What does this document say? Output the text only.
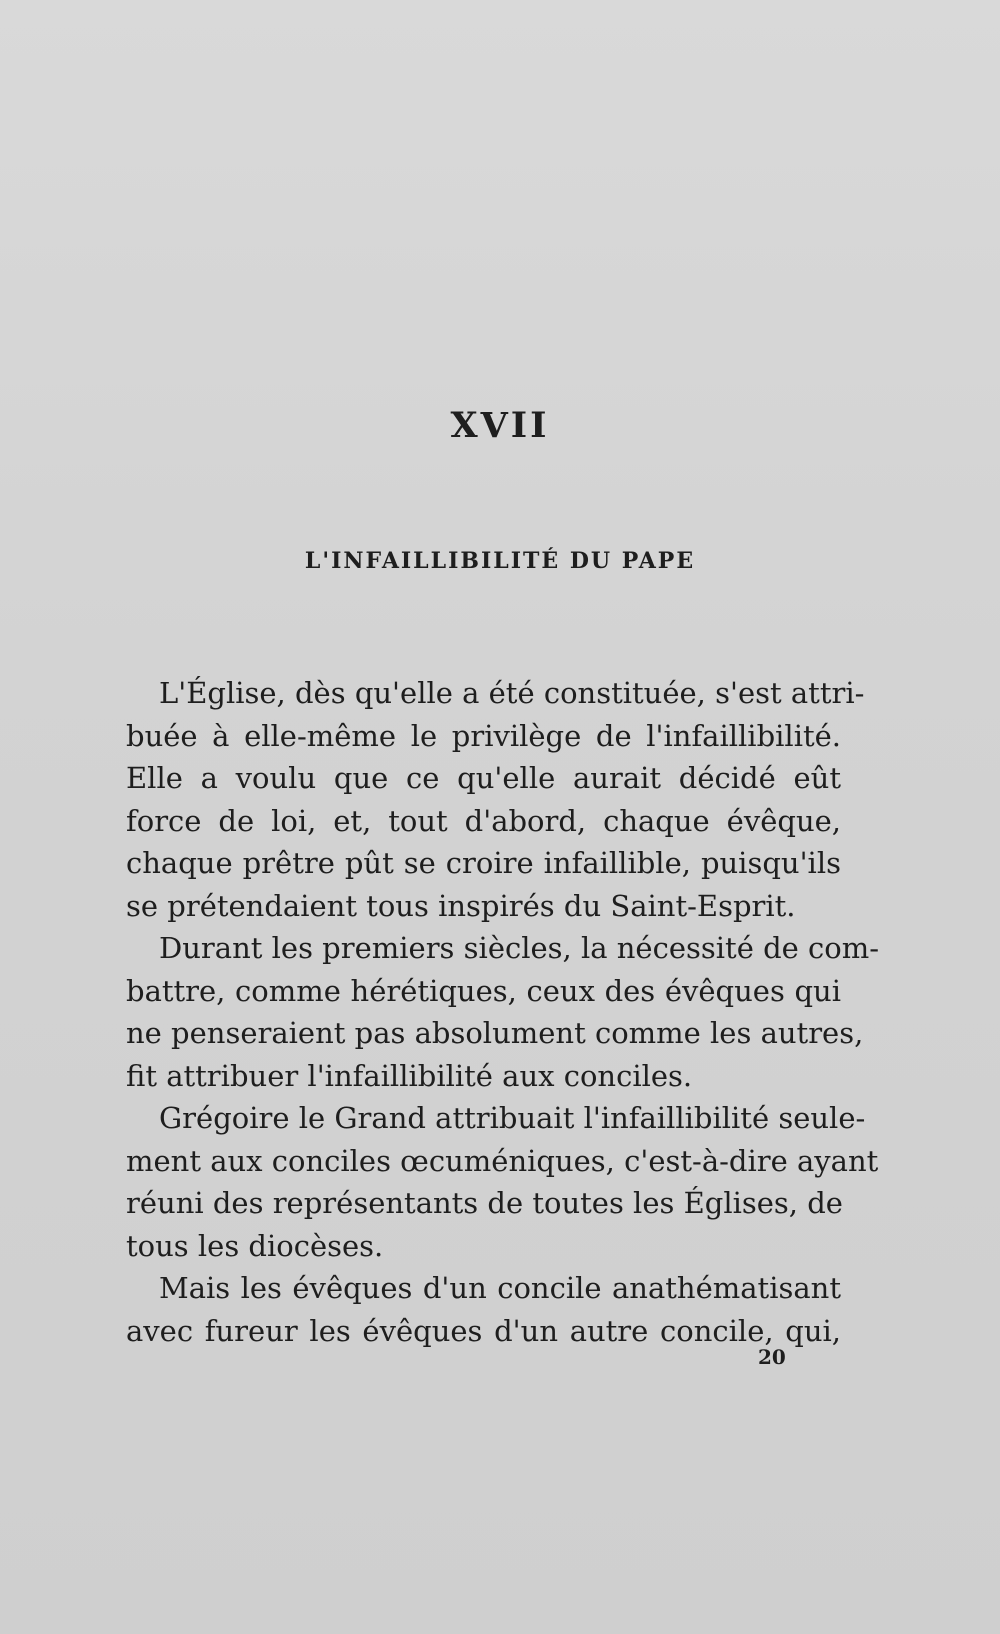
XVII
L'INFAILLIBILITÉ DU PAPE
L'Église, dès qu'elle a été constituée, s'est attri-
buée à elle-même le privilège de l'infaillibilité.
Elle a voulu que ce qu'elle aurait décidé eût
force de loi, et, tout d'abord, chaque évêque,
chaque prêtre pût se croire infaillible, puisqu'ils
se prétendaient tous inspirés du Saint-Esprit.
Durant les premiers siècles, la nécessité de com-
battre, comme hérétiques, ceux des évêques qui
ne penseraient pas absolument comme les autres,
fit attribuer l'infaillibilité aux conciles.
Grégoire le Grand attribuait l'infaillibilité seule-
ment aux conciles œcuméniques, c'est-à-dire ayant
réuni des représentants de toutes les Églises, de
tous les diocèses.
Mais les évêques d'un concile anathématisant
avec fureur les évêques d'un autre concile, qui,
20
